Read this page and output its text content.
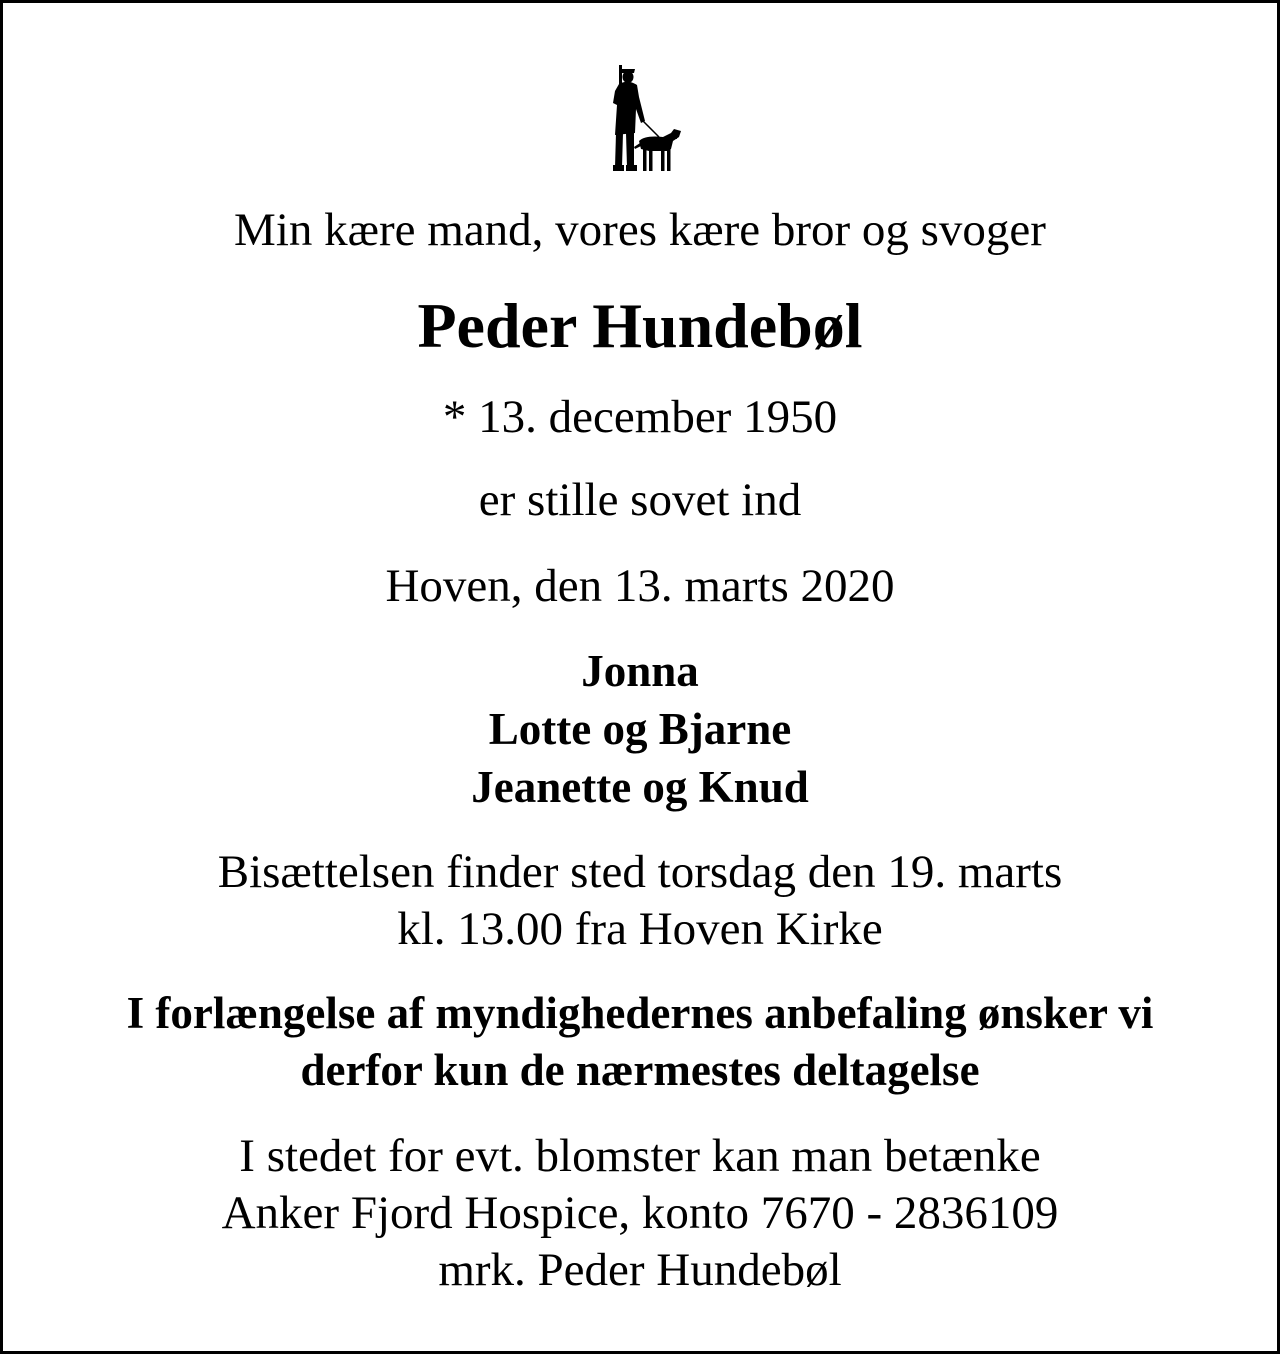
Min kære mand, vores kære bror og svoger
Peder Hundebøl
* 13. december 1950
er stille sovet ind
Hoven, den 13. marts 2020
Jonna
Lotte og Bjarne
Jeanette og Knud
Bisættelsen finder sted torsdag den 19. marts
kl. 13.00 fra Hoven Kirke
I forlængelse af myndighedernes anbefaling ønsker vi
derfor kun de nærmestes deltagelse
I stedet for evt. blomster kan man betænke
Anker Fjord Hospice, konto 7670 - 2836109
mrk. Peder Hundebøl
